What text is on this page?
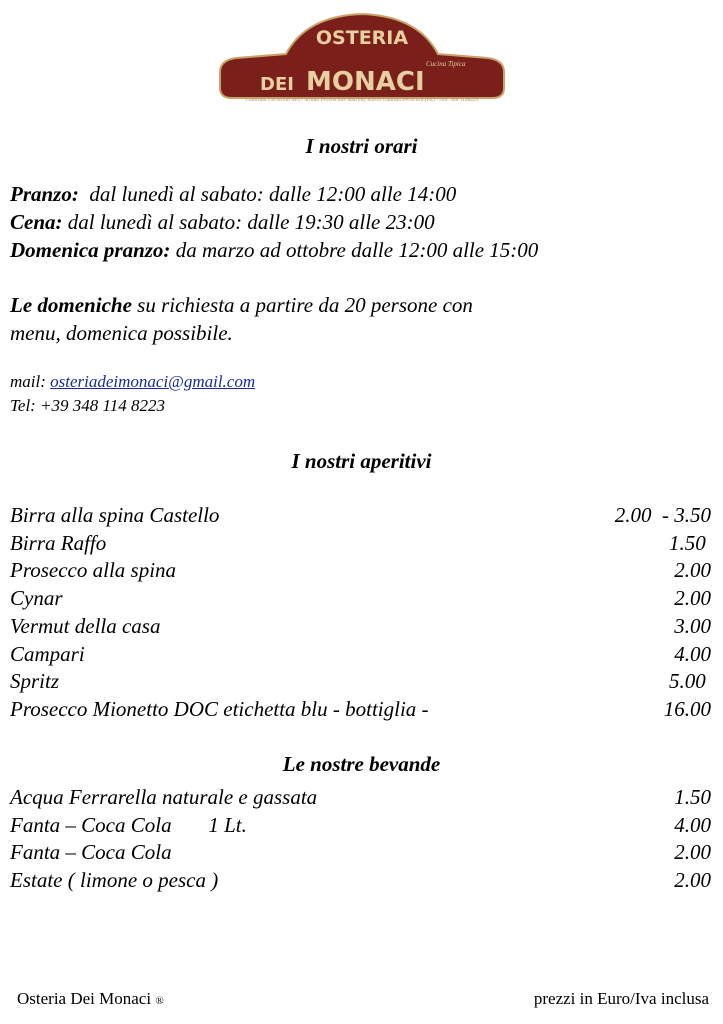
OSTERIA
Cucina Tipica
DEI MONACI
Contrada Cornicelli SP27 Strada Provinciale Saurina, 85010 Guardia Perticara (PZ) - cell. 348 1148223
I nostri orari
Pranzo:  dal lunedì al sabato: dalle 12:00 alle 14:00
Cena: dal lunedì al sabato: dalle 19:30 alle 23:00
Domenica pranzo: da marzo ad ottobre dalle 12:00 alle 15:00
Le domeniche su richiesta a partire da 20 persone con
menu, domenica possibile.
mail: osteriadeimonaci@gmail.com
Tel: +39 348 114 8223
I nostri aperitivi
Birra alla spina Castello	2.00  - 3.50
Birra Raffo	1.50
Prosecco alla spina	2.00
Cynar	2.00
Vermut della casa	3.00
Campari	4.00
Spritz	5.00
Prosecco Mionetto DOC etichetta blu - bottiglia -	16.00
Le nostre bevande
Acqua Ferrarella naturale e gassata	1.50
Fanta – Coca Cola       1 Lt.	4.00
Fanta – Coca Cola	2.00
Estate ( limone o pesca )	2.00
Osteria Dei Monaci ®	prezzi in Euro/Iva inclusa
